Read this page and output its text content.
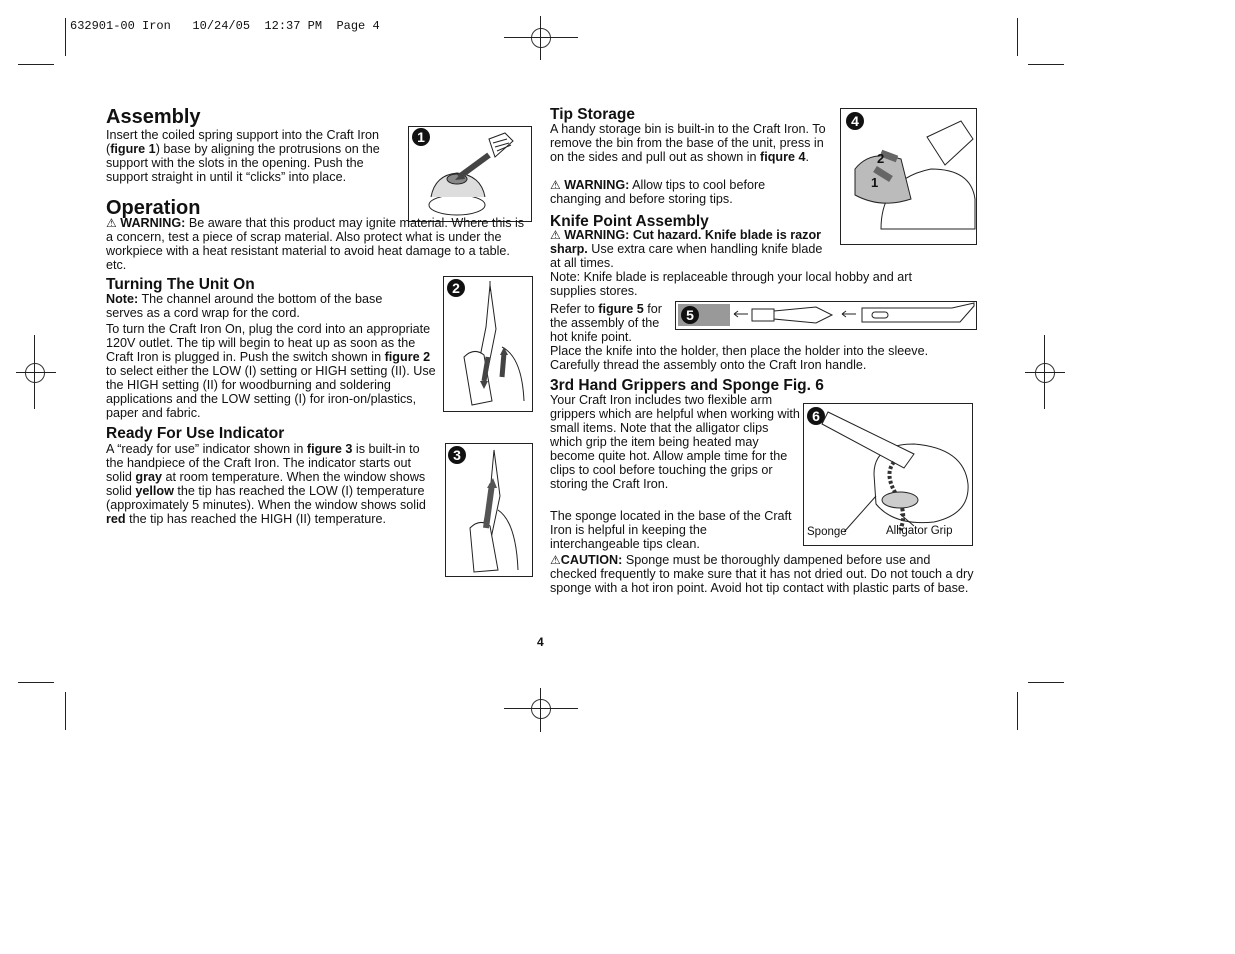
632901-00 Iron   10/24/05  12:37 PM  Page 4
Assembly
Insert the coiled spring support into the Craft Iron (figure 1) base by aligning the protrusions on the support with the slots in the opening. Push the support straight in until it “clicks” into place.
1
Operation
⚠ WARNING: Be aware that this product may ignite material. Where this is a concern, test a piece of scrap material. Also protect what is under the workpiece with a heat resistant material to avoid heat damage to a table. etc.
Turning The Unit On
Note: The channel around the bottom of the base serves as a cord wrap for the cord.
To turn the Craft Iron On, plug the cord into an appropriate 120V outlet. The tip will begin to heat up as soon as the Craft Iron is plugged in. Push the switch shown in figure 2 to select either the LOW (I) setting or HIGH setting (II). Use the HIGH setting (II) for woodburning and soldering applications and the LOW setting (I) for iron-on/plastics, paper and fabric.
2
Ready For Use Indicator
A “ready for use” indicator shown in figure 3 is built-in to the handpiece of the Craft Iron. The indicator starts out solid gray at room temperature. When the window shows solid yellow the tip has reached the LOW (I) temperature (approximately 5 minutes). When the window shows solid red the tip has reached the HIGH (II) temperature.
3
Tip Storage
A handy storage bin is built-in to the Craft Iron. To remove the bin from the base of the unit, press in on the sides and pull out as shown in fiqure 4.
⚠ WARNING: Allow tips to cool before changing and before storing tips.
4
1
2
Knife Point Assembly
⚠ WARNING: Cut hazard. Knife blade is razor sharp. Use extra care when handling knife blade at all times.
Note: Knife blade is replaceable through your local hobby and art supplies stores.
Refer to figure 5 for the assembly of the hot knife point.
5
Place the knife into the holder, then place the holder into the sleeve. Carefully thread the assembly onto the Craft Iron handle.
3rd Hand Grippers and Sponge Fig. 6
Your Craft Iron includes two flexible arm grippers which are helpful when working with small items. Note that the alligator clips which grip the item being heated may become quite hot. Allow ample time for the clips to cool before touching the grips or storing the Craft Iron.
The sponge located in the base of the Craft Iron is helpful in keeping the interchangeable tips clean.
⚠CAUTION: Sponge must be thoroughly dampened before use and checked frequently to make sure that it has not dried out. Do not touch a dry sponge with a hot iron point. Avoid hot tip contact with plastic parts of base.
6
Sponge	Alligator Grip
4
